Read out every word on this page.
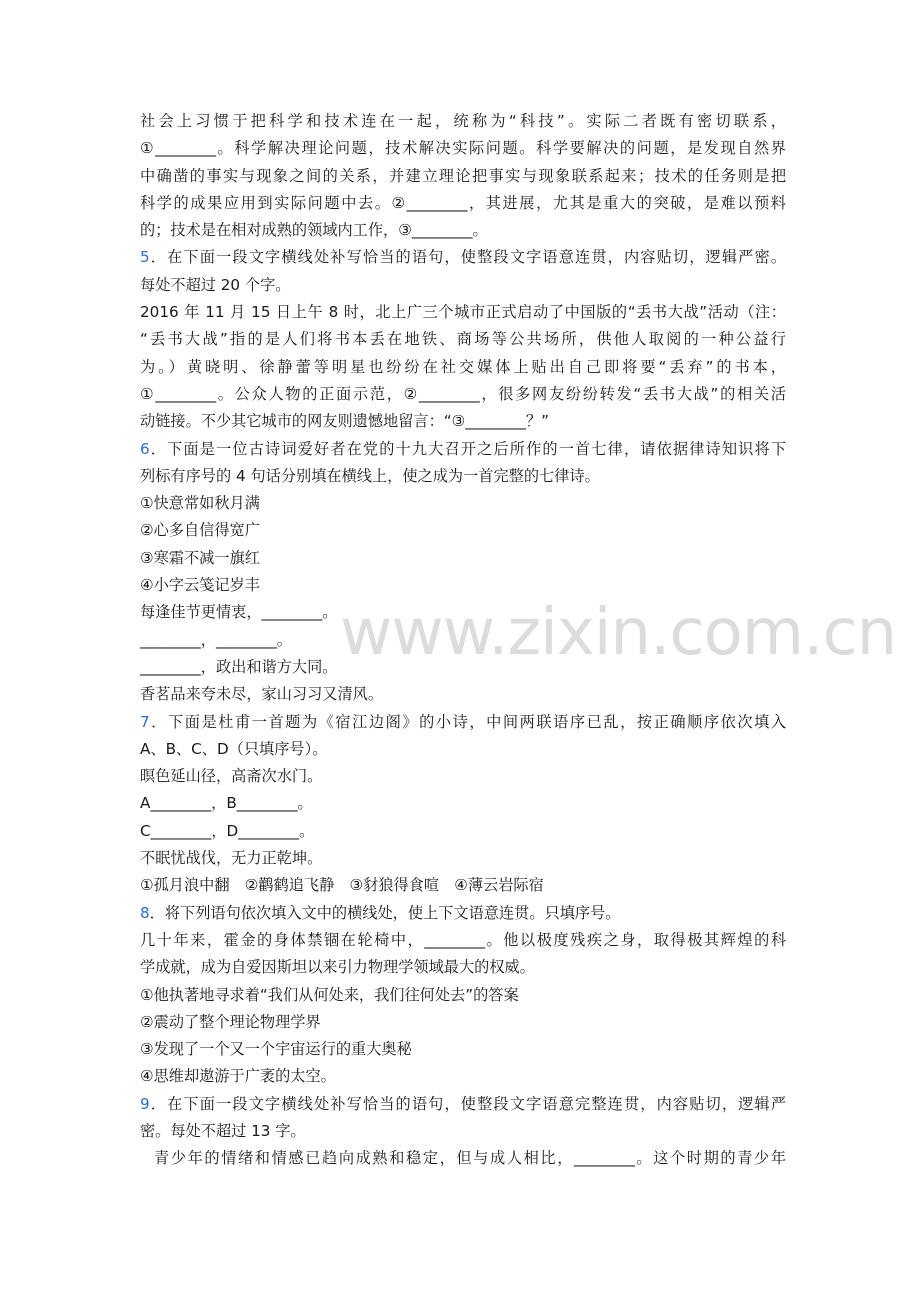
社会上习惯于把科学和技术连在一起，统称为“科技”。实际二者既有密切联系，
①________。科学解决理论问题，技术解决实际问题。科学要解决的问题，是发现自然界
中确凿的事实与现象之间的关系，并建立理论把事实与现象联系起来；技术的任务则是把
科学的成果应用到实际问题中去。②________，其进展，尤其是重大的突破，是难以预料
的；技术是在相对成熟的领域内工作，③________。
5．在下面一段文字横线处补写恰当的语句，使整段文字语意连贯，内容贴切，逻辑严密。
每处不超过 20 个字。
2016 年 11 月 15 日上午 8 时，北上广三个城市正式启动了中国版的“丢书大战”活动（注：
“丢书大战”指的是人们将书本丢在地铁、商场等公共场所，供他人取阅的一种公益行
为。）黄晓明、徐静蕾等明星也纷纷在社交媒体上贴出自己即将要“丢弃”的书本，
①________。公众人物的正面示范，②________，很多网友纷纷转发“丢书大战”的相关活
动链接。不少其它城市的网友则遗憾地留言：“③________？”
6．下面是一位古诗词爱好者在党的十九大召开之后所作的一首七律，请依据律诗知识将下
列标有序号的 4 句话分别填在横线上，使之成为一首完整的七律诗。
①快意常如秋月满
②心多自信得宽广
③寒霜不减一旗红
④小字云笺记岁丰
每逢佳节更情衷，________。
________，________。
________，政出和谐方大同。
香茗品来夸未尽，家山习习又清风。
7．下面是杜甫一首题为《宿江边阁》的小诗，中间两联语序已乱，按正确顺序依次填入
A、B、C、D（只填序号）。
暝色延山径，高斋次水门。
A________，B________。
C________，D________。
不眠忧战伐，无力正乾坤。
①孤月浪中翻　②鹳鹤追飞静　③豺狼得食喧　④薄云岩际宿
8．将下列语句依次填入文中的横线处，使上下文语意连贯。只填序号。
几十年来，霍金的身体禁锢在轮椅中，________。他以极度残疾之身，取得极其辉煌的科
学成就，成为自爱因斯坦以来引力物理学领域最大的权威。
①他执著地寻求着“我们从何处来，我们往何处去”的答案
②震动了整个理论物理学界
③发现了一个又一个宇宙运行的重大奥秘
④思维却遨游于广袤的太空。
9．在下面一段文字横线处补写恰当的语句，使整段文字语意完整连贯，内容贴切，逻辑严
密。每处不超过 13 字。
青少年的情绪和情感已趋向成熟和稳定，但与成人相比，________。这个时期的青少年
www.zixin.com.cn
